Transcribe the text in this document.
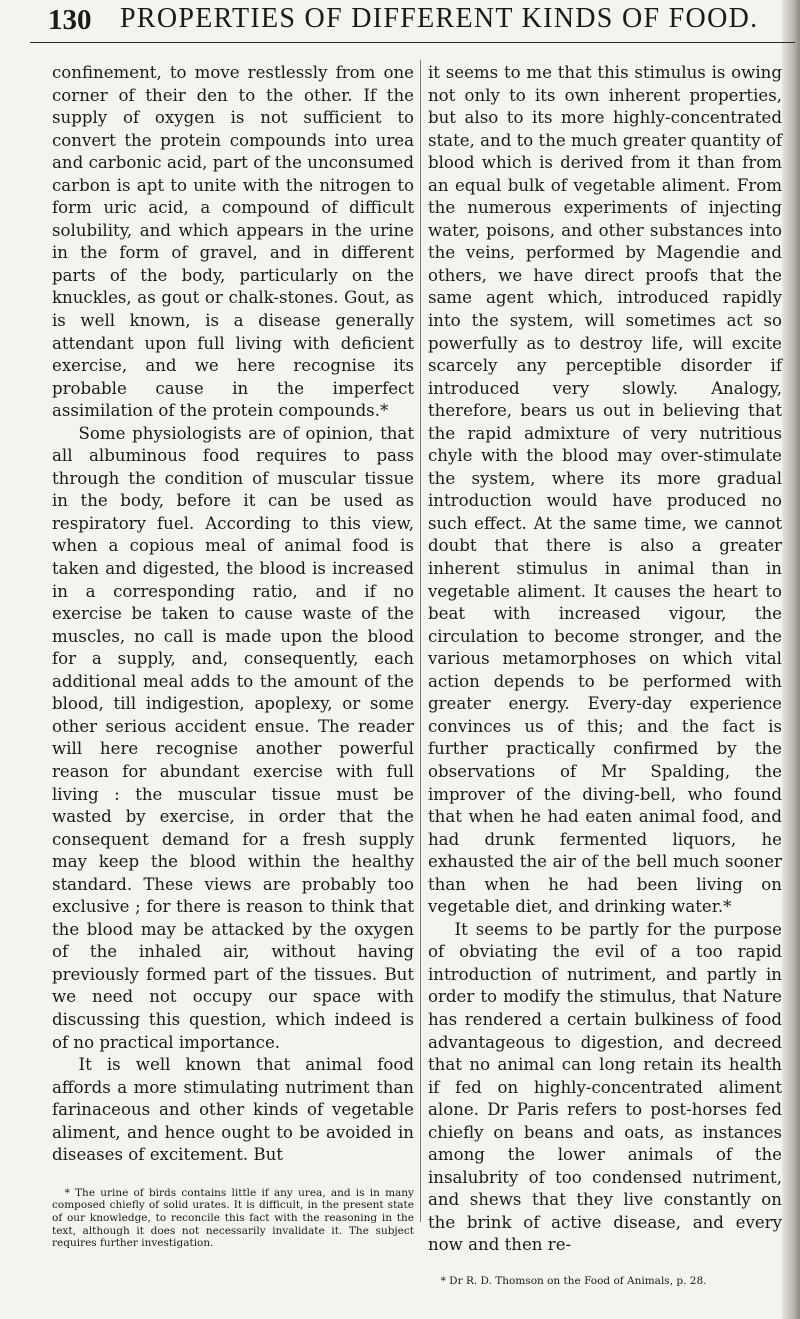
130 PROPERTIES OF DIFFERENT KINDS OF FOOD.

confinement, to move restlessly from one corner of their den to the other. If the supply of oxygen is not sufficient to convert the protein compounds into urea and carbonic acid, part of the unconsumed carbon is apt to unite with the nitrogen to form uric acid, a compound of difficult solubility, and which appears in the urine in the form of gravel, and in different parts of the body, particularly on the knuckles, as gout or chalk-stones. Gout, as is well known, is a disease generally attendant upon full living with deficient exercise, and we here recognise its probable cause in the imperfect assimilation of the protein compounds.*

Some physiologists are of opinion, that all albuminous food requires to pass through the condition of muscular tissue in the body, before it can be used as respiratory fuel. According to this view, when a copious meal of animal food is taken and digested, the blood is increased in a corresponding ratio, and if no exercise be taken to cause waste of the muscles, no call is made upon the blood for a supply, and, consequently, each additional meal adds to the amount of the blood, till indigestion, apoplexy, or some other serious accident ensue. The reader will here recognise another powerful reason for abundant exercise with full living : the muscular tissue must be wasted by exercise, in order that the consequent demand for a fresh supply may keep the blood within the healthy standard. These views are probably too exclusive ; for there is reason to think that the blood may be attacked by the oxygen of the inhaled air, without having previously formed part of the tissues. But we need not occupy our space with discussing this question, which indeed is of no practical importance.

It is well known that animal food affords a more stimulating nutriment than farinaceous and other kinds of vegetable aliment, and hence ought to be avoided in diseases of excitement. But

* The urine of birds contains little if any urea, and is in many composed chiefly of solid urates. It is difficult, in the present state of our knowledge, to reconcile this fact with the reasoning in the text, although it does not necessarily invalidate it. The subject requires further investigation.

it seems to me that this stimulus is owing not only to its own inherent properties, but also to its more highly-concentrated state, and to the much greater quantity of blood which is derived from it than from an equal bulk of vegetable aliment. From the numerous experiments of injecting water, poisons, and other substances into the veins, performed by Magendie and others, we have direct proofs that the same agent which, introduced rapidly into the system, will sometimes act so powerfully as to destroy life, will excite scarcely any perceptible disorder if introduced very slowly. Analogy, therefore, bears us out in believing that the rapid admixture of very nutritious chyle with the blood may over-stimulate the system, where its more gradual introduction would have produced no such effect. At the same time, we cannot doubt that there is also a greater inherent stimulus in animal than in vegetable aliment. It causes the heart to beat with increased vigour, the circulation to become stronger, and the various metamorphoses on which vital action depends to be performed with greater energy. Every-day experience convinces us of this; and the fact is further practically confirmed by the observations of Mr Spalding, the improver of the diving-bell, who found that when he had eaten animal food, and had drunk fermented liquors, he exhausted the air of the bell much sooner than when he had been living on vegetable diet, and drinking water.*

It seems to be partly for the purpose of obviating the evil of a too rapid introduction of nutriment, and partly in order to modify the stimulus, that Nature has rendered a certain bulkiness of food advantageous to digestion, and decreed that no animal can long retain its health if fed on highly-concentrated aliment alone. Dr Paris refers to post-horses fed chiefly on beans and oats, as instances among the lower animals of the insalubrity of too condensed nutriment, and shews that they live constantly on the brink of active disease, and every now and then re-

* Dr R. D. Thomson on the Food of Animals, p. 28.
